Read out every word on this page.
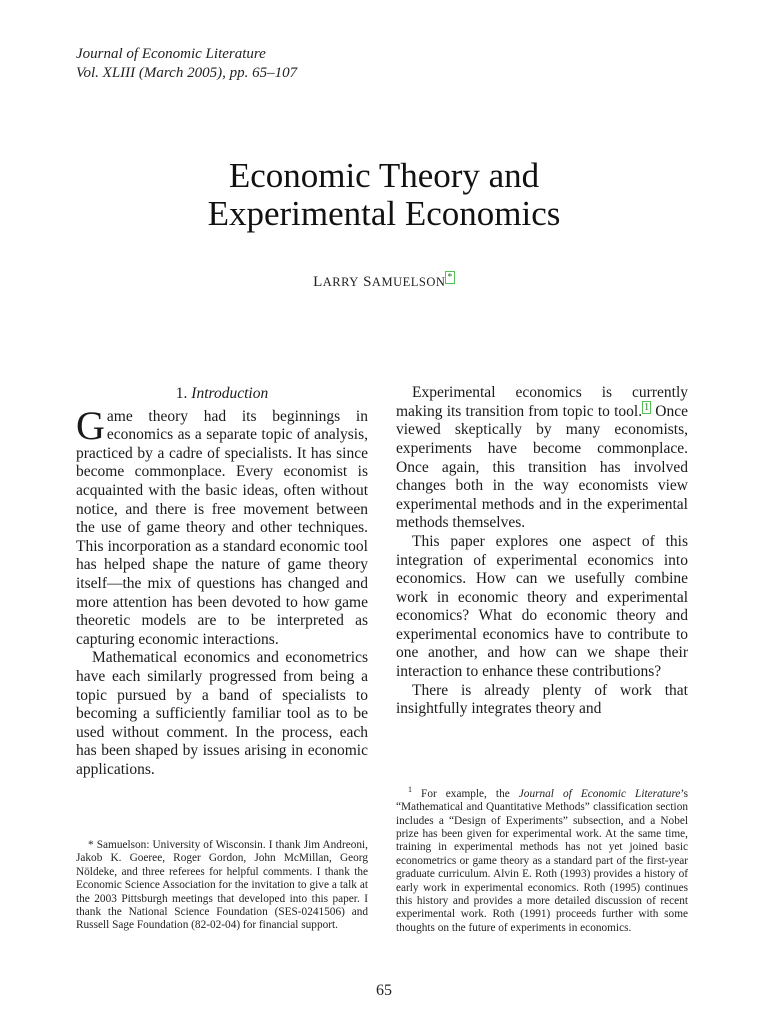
Journal of Economic Literature
Vol. XLIII (March 2005), pp. 65–107
Economic Theory and
Experimental Economics
LARRY SAMUELSON *
1. Introduction

Game theory had its beginnings in economics as a separate topic of analysis, practiced by a cadre of specialists. It has since become commonplace. Every economist is acquainted with the basic ideas, often without notice, and there is free movement between the use of game theory and other techniques. This incorporation as a standard economic tool has helped shape the nature of game theory itself—the mix of questions has changed and more attention has been devoted to how game theoretic models are to be interpreted as capturing economic interactions.

Mathematical economics and econometrics have each similarly progressed from being a topic pursued by a band of specialists to becoming a sufficiently familiar tool as to be used without comment. In the process, each has been shaped by issues arising in economic applications.

Experimental economics is currently making its transition from topic to tool. $^1$ Once viewed skeptically by many economists, experiments have become commonplace. Once again, this transition has involved changes both in the way economists view experimental methods and in the experimental methods themselves.

This paper explores one aspect of this integration of experimental economics into economics. How can we usefully combine work in economic theory and experimental economics? What do economic theory and experimental economics have to contribute to one another, and how can we shape their interaction to enhance these contributions?

There is already plenty of work that insightfully integrates theory and

* Samuelson: University of Wisconsin. I thank Jim Andreoni, Jakob K. Goeree, Roger Gordon, John McMillan, Georg Nöldeke, and three referees for helpful comments. I thank the Economic Science Association for the invitation to give a talk at the 2003 Pittsburgh meetings that developed into this paper. I thank the National Science Foundation (SES-0241506) and Russell Sage Foundation (82-02-04) for financial support.

$^1$ For example, the Journal of Economic Literature’s “Mathematical and Quantitative Methods” classification section includes a “Design of Experiments” subsection, and a Nobel prize has been given for experimental work. At the same time, training in experimental methods has not yet joined basic econometrics or game theory as a standard part of the first-year graduate curriculum. Alvin E. Roth (1993) provides a history of early work in experimental economics. Roth (1995) continues this history and provides a more detailed discussion of recent experimental work. Roth (1991) proceeds further with some thoughts on the future of experiments in economics.

65
